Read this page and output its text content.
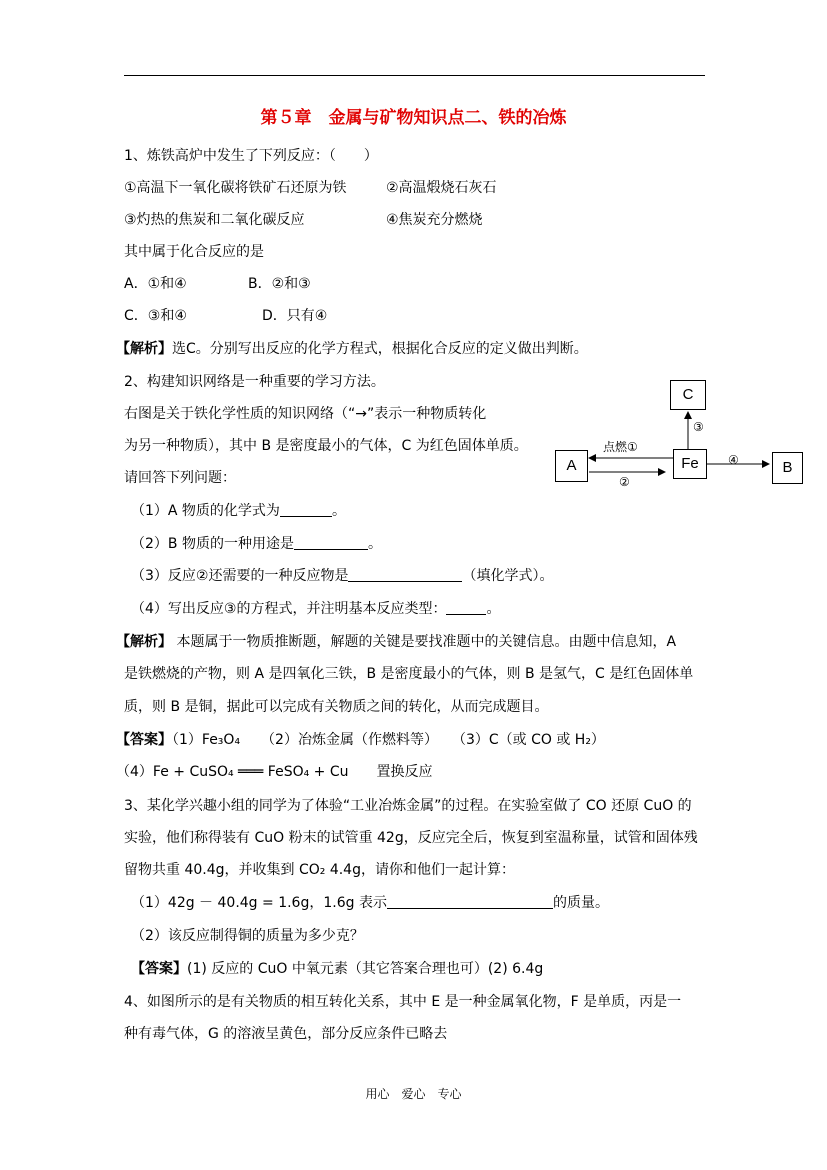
第５章　金属与矿物知识点二、铁的冶炼
1、炼铁高炉中发生了下列反应：（　　）
①高温下一氧化碳将铁矿石还原为铁	②高温煅烧石灰石
③灼热的焦炭和二氧化碳反应	④焦炭充分燃烧
其中属于化合反应的是
A．①和④	B．②和③
C．③和④	D．只有④
【解析】选C。分别写出反应的化学方程式，根据化合反应的定义做出判断。
2、构建知识网络是一种重要的学习方法。
右图是关于铁化学性质的知识网络（“→”表示一种物质转化
为另一种物质），其中 B 是密度最小的气体，C 为红色固体单质。
请回答下列问题：
（1）A 物质的化学式为	。
（2）B 物质的一种用途是	。
（3）反应②还需要的一种反应物是	（填化学式）。
（4）写出反应③的方程式，并注明基本反应类型：	。
【解析】 本题属于一物质推断题，解题的关键是要找准题中的关键信息。由题中信息知，A
是铁燃烧的产物，则 A 是四氧化三铁，B 是密度最小的气体，则 B 是氢气，C 是红色固体单
质，则 B 是铜，据此可以完成有关物质之间的转化，从而完成题目。
【答案】（1）Fe₃O₄　　（2）冶炼金属（作燃料等）　　（3）C（或 CO 或 H₂）
（4）Fe + CuSO₄ ═══ FeSO₄ + Cu　　置换反应
C
A	Fe	B
点燃①
②
③
④
3、某化学兴趣小组的同学为了体验“工业冶炼金属”的过程。在实验室做了 CO 还原 CuO 的
实验，他们称得装有 CuO 粉末的试管重 42g，反应完全后，恢复到室温称量，试管和固体残
留物共重 40.4g，并收集到 CO₂ 4.4g，请你和他们一起计算：
（1）42g － 40.4g = 1.6g，1.6g 表示	的质量。
（2）该反应制得铜的质量为多少克？
【答案】(1) 反应的 CuO 中氧元素（其它答案合理也可）(2) 6.4g
4、如图所示的是有关物质的相互转化关系，其中 E 是一种金属氧化物，F 是单质，丙是一
种有毒气体，G 的溶液呈黄色，部分反应条件已略去
用心　爱心　专心
